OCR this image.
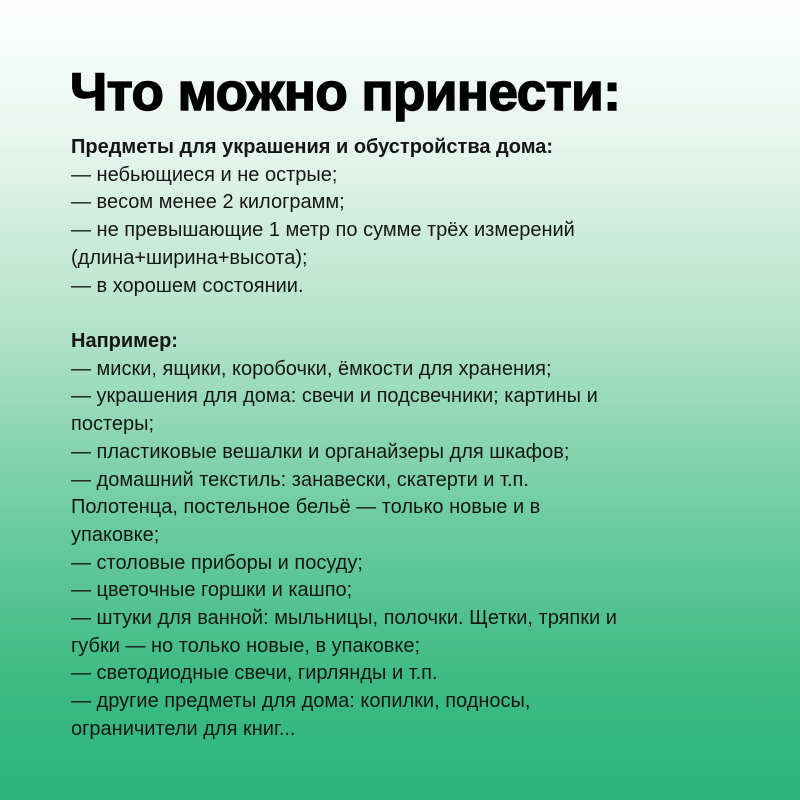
Что можно принести:
Предметы для украшения и обустройства дома:
— небьющиеся и не острые;
— весом менее 2 килограмм;
— не превышающие 1 метр по сумме трёх измерений
(длина+ширина+высота);
— в хорошем состоянии.
Например:
— миски, ящики, коробочки, ёмкости для хранения;
— украшения для дома: свечи и подсвечники; картины и
постеры;
— пластиковые вешалки и органайзеры для шкафов;
— домашний текстиль: занавески, скатерти и т.п.
Полотенца, постельное бельё — только новые и в
упаковке;
— столовые приборы и посуду;
— цветочные горшки и кашпо;
— штуки для ванной: мыльницы, полочки. Щетки, тряпки и
губки — но только новые, в упаковке;
— светодиодные свечи, гирлянды и т.п.
— другие предметы для дома: копилки, подносы,
ограничители для книг...
